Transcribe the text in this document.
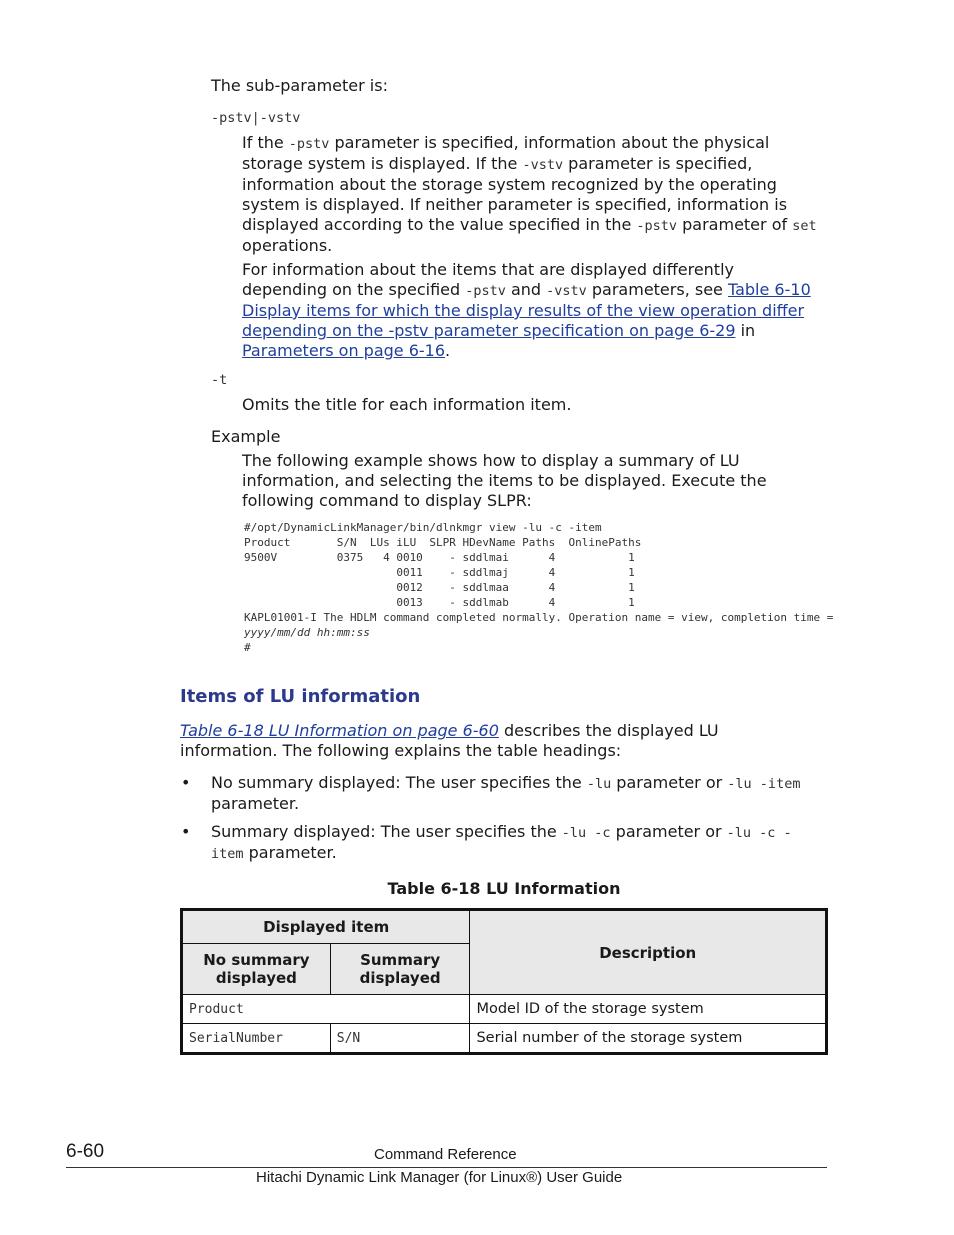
The sub-parameter is:
-pstv|-vstv
If the -pstv parameter is specified, information about the physical storage system is displayed. If the -vstv parameter is specified, information about the storage system recognized by the operating system is displayed. If neither parameter is specified, information is displayed according to the value specified in the -pstv parameter of set operations.
For information about the items that are displayed differently depending on the specified -pstv and -vstv parameters, see Table 6-10 Display items for which the display results of the view operation differ depending on the -pstv parameter specification on page 6-29 in Parameters on page 6-16.
-t
Omits the title for each information item.
Example
The following example shows how to display a summary of LU information, and selecting the items to be displayed. Execute the following command to display SLPR:
#/opt/DynamicLinkManager/bin/dlnkmgr view -lu -c -item
Product       S/N  LUs iLU  SLPR HDevName Paths  OnlinePaths
9500V         0375   4 0010    - sddlmai      4           1
0011    - sddlmaj      4           1
0012    - sddlmaa      4           1
0013    - sddlmab      4           1
KAPL01001-I The HDLM command completed normally. Operation name = view, completion time =
yyyy/mm/dd hh:mm:ss
#
Items of LU information
Table 6-18 LU Information on page 6-60 describes the displayed LU information. The following explains the table headings:
• No summary displayed: The user specifies the -lu parameter or -lu -item parameter.
• Summary displayed: The user specifies the -lu -c parameter or -lu -c -item parameter.
Table 6-18 LU Information
Displayed item		Description
No summary displayed	Summary displayed	
Product		Model ID of the storage system
SerialNumber	S/N	Serial number of the storage system
6-60	Command Reference
Hitachi Dynamic Link Manager (for Linux®) User Guide
